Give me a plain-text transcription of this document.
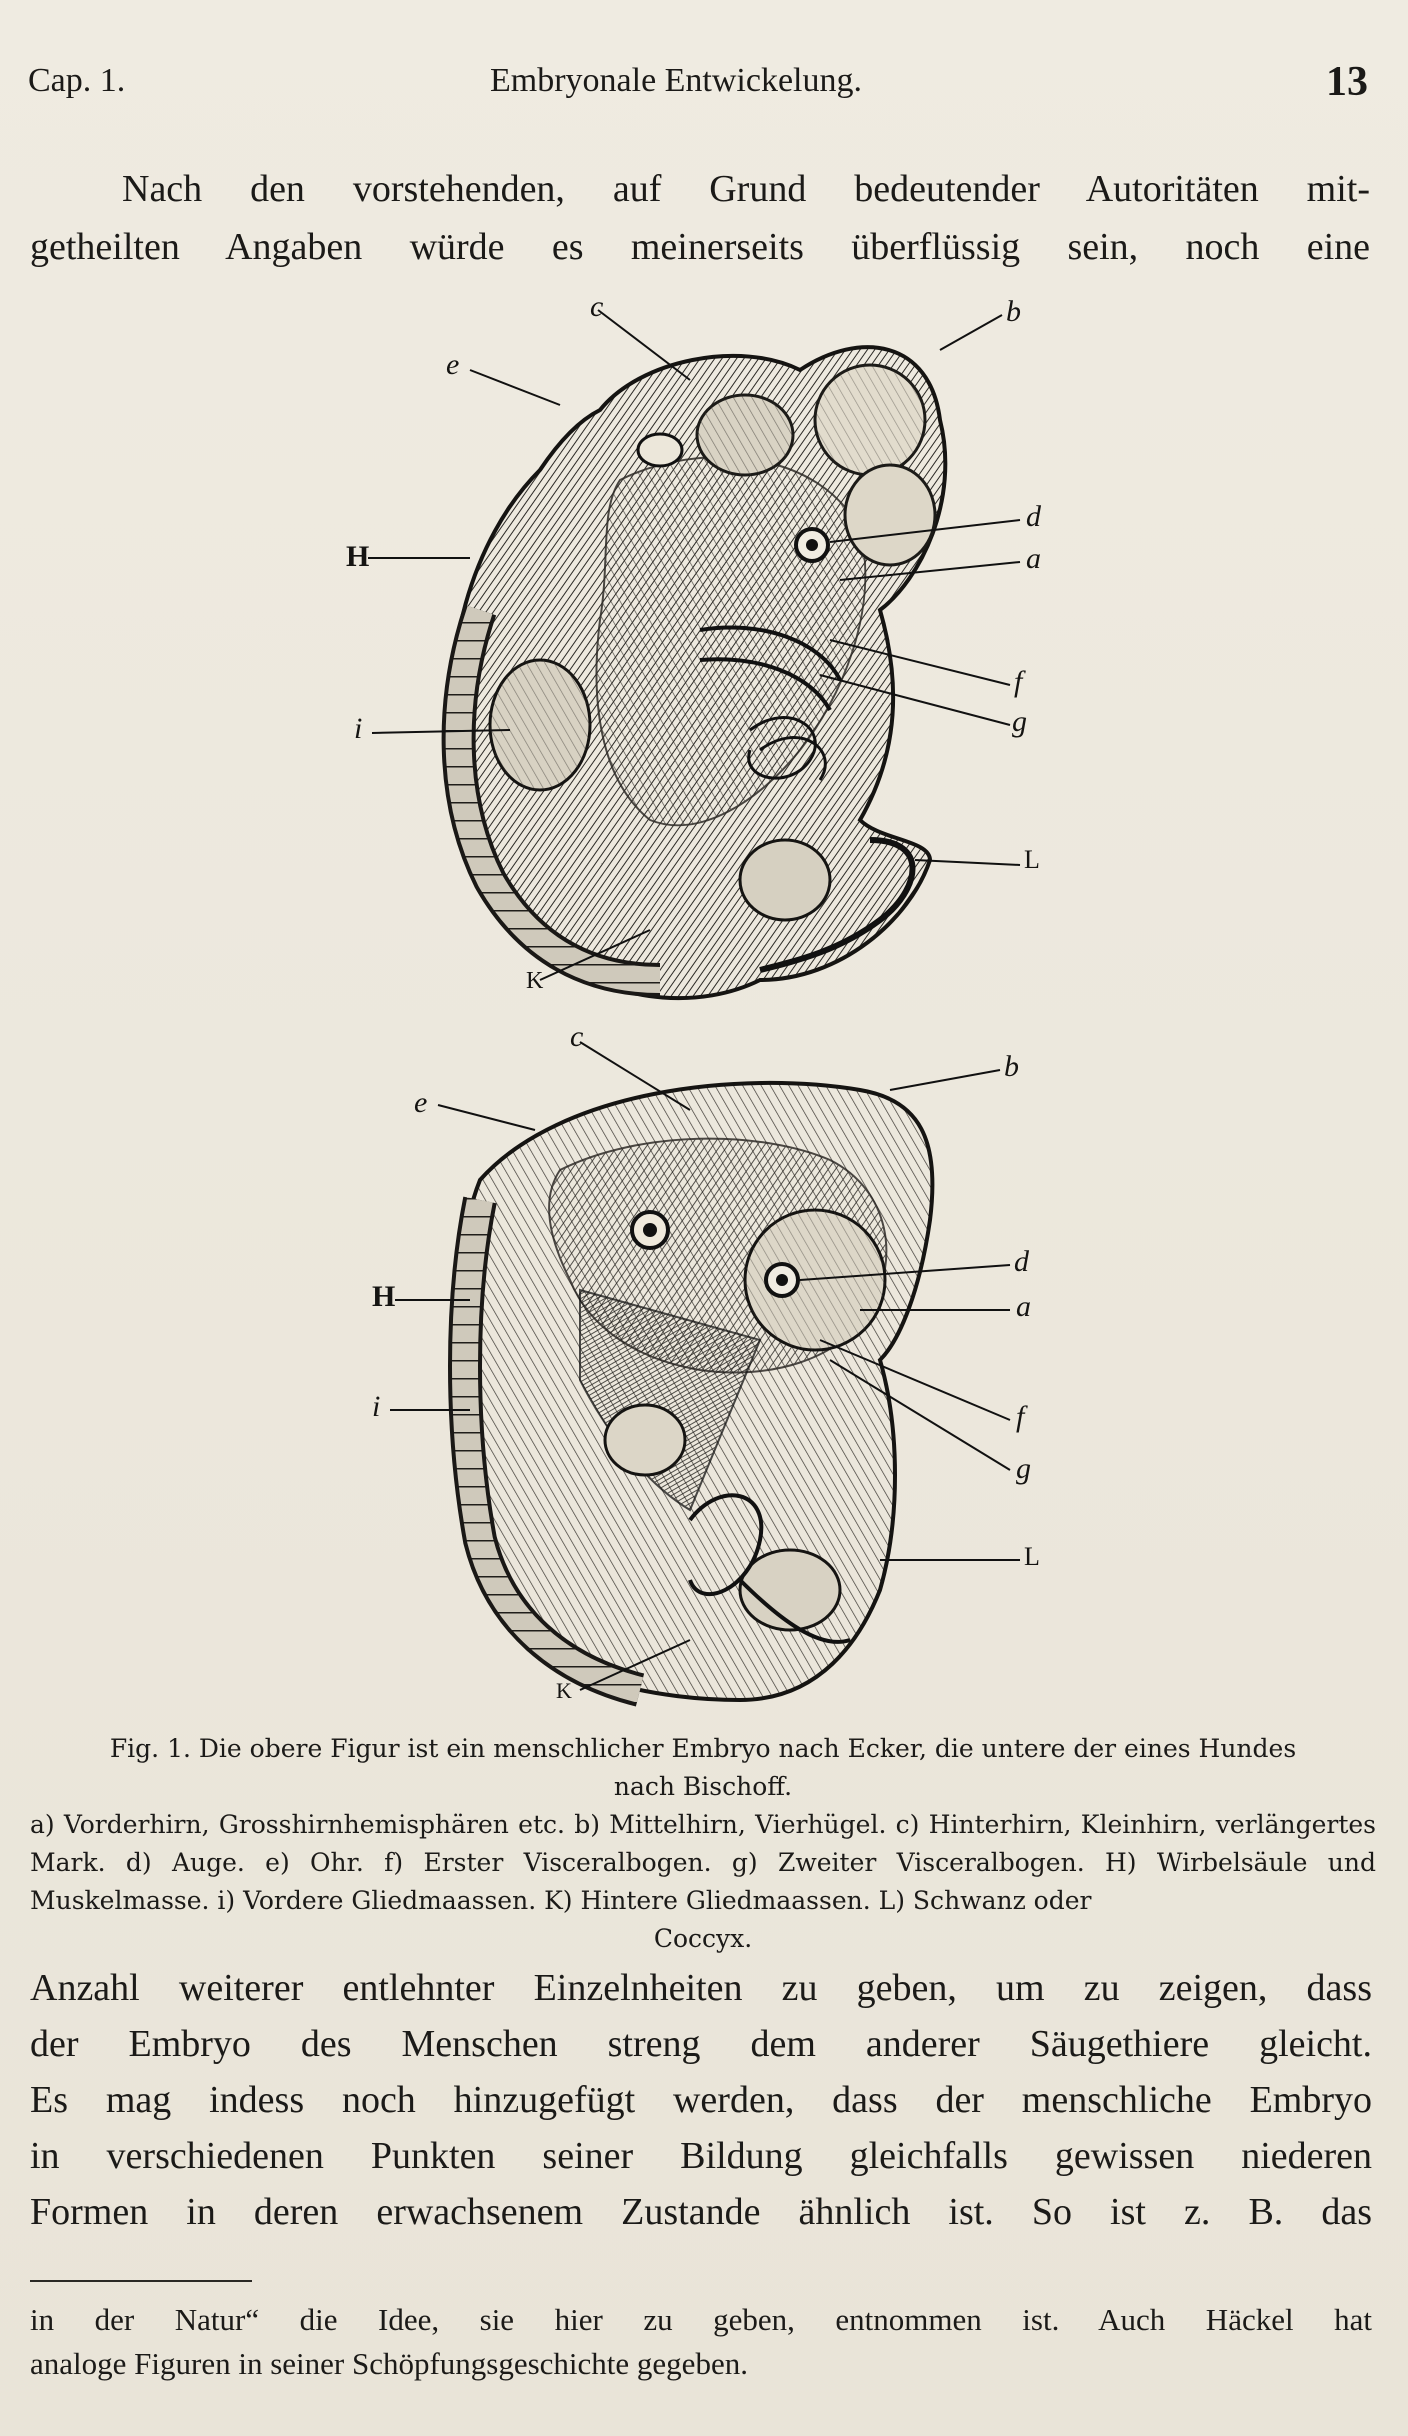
Cap. 1.	Embryonale Entwickelung.	13
Nach den vorstehenden, auf Grund bedeutender Autoritäten mit-
getheilten Angaben würde es meinerseits überflüssig sein, noch eine
c	b
e
d
H	a
f
i	g
L
K
c
b
e
d
H	a
i	f
g
L
K
Fig. 1. Die obere Figur ist ein menschlicher Embryo nach Ecker, die untere der eines Hundes
nach Bischoff.
a) Vorderhirn, Grosshirnhemisphären etc. b) Mittelhirn, Vierhügel. c) Hinterhirn, Kleinhirn, verlängertes Mark. d) Auge. e) Ohr. f) Erster Visceralbogen. g) Zweiter Visceralbogen. H) Wirbelsäule und Muskelmasse. i) Vordere Gliedmaassen. K) Hintere Gliedmaassen. L) Schwanz oder
Coccyx.
Anzahl weiterer entlehnter Einzelnheiten zu geben, um zu zeigen, dass
der Embryo des Menschen streng dem anderer Säugethiere gleicht.
Es mag indess noch hinzugefügt werden, dass der menschliche Embryo
in verschiedenen Punkten seiner Bildung gleichfalls gewissen niederen
Formen in deren erwachsenem Zustande ähnlich ist. So ist z. B. das
in der Natur“ die Idee, sie hier zu geben, entnommen ist. Auch Häckel hat
analoge Figuren in seiner Schöpfungsgeschichte gegeben.
